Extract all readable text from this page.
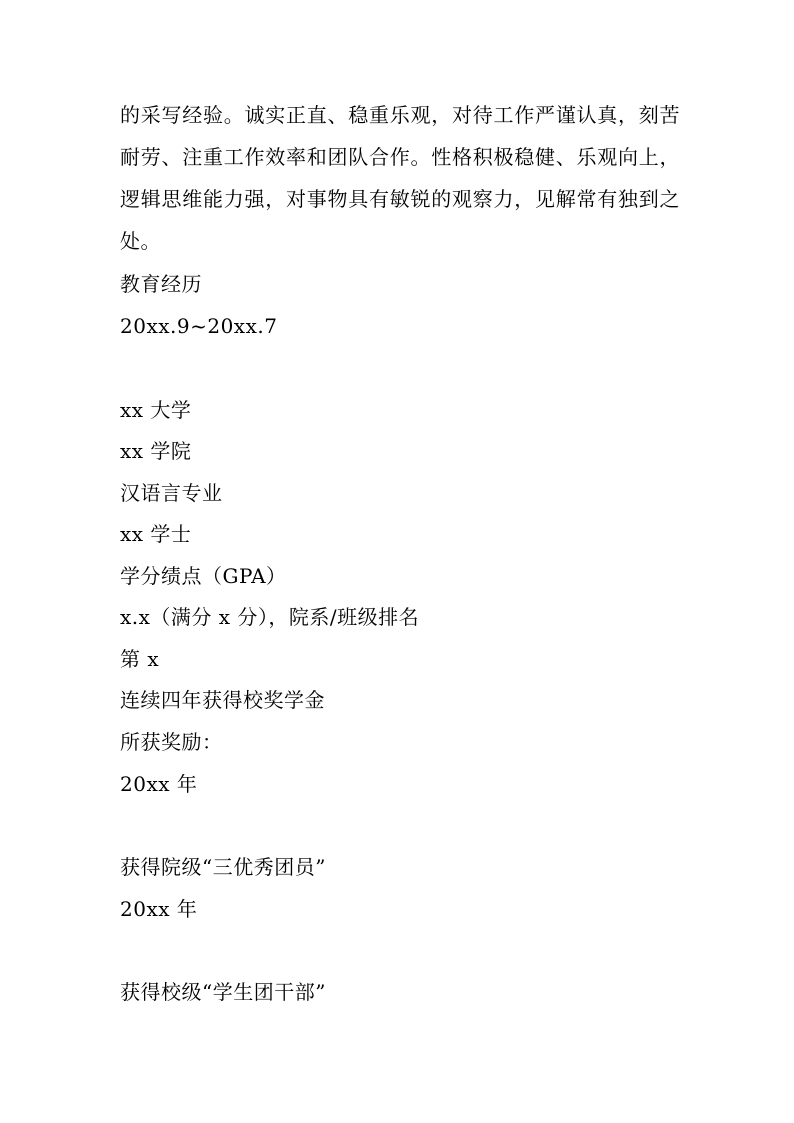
的采写经验。诚实正直、稳重乐观，对待工作严谨认真，刻苦耐劳、注重工作效率和团队合作。性格积极稳健、乐观向上，逻辑思维能力强，对事物具有敏锐的观察力，见解常有独到之处。
教育经历
20xx.9~20xx.7
xx 大学
xx 学院
汉语言专业
xx 学士
学分绩点（GPA）
x.x（满分 x 分），院系/班级排名
第 x
连续四年获得校奖学金
所获奖励：
20xx 年
获得院级“三优秀团员”
20xx 年
获得校级“学生团干部”
